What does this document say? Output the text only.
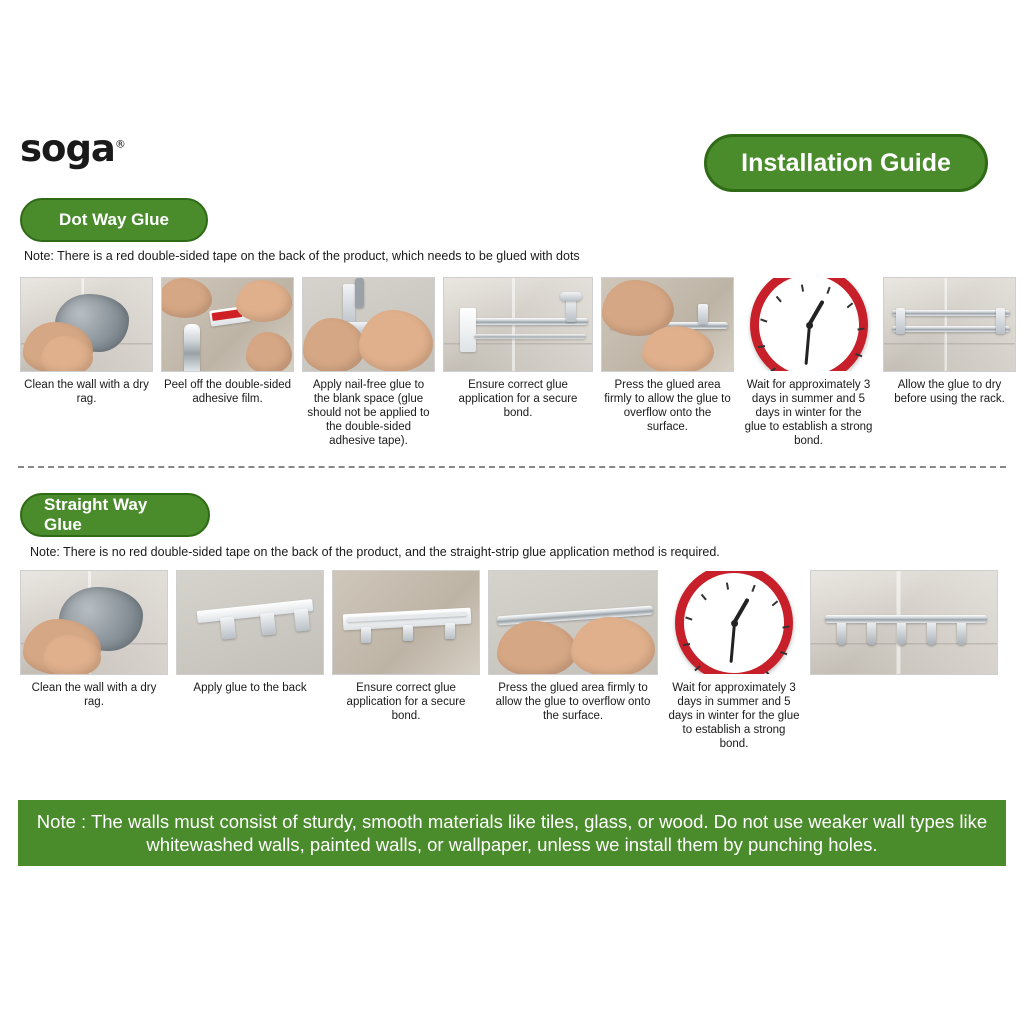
soga®
Installation Guide
Dot Way Glue
Note: There is a red double-sided tape on the back of the product, which needs to be glued with dots
Clean the wall with a dry rag.
Peel off the double-sided adhesive film.
Apply nail-free glue to the blank space (glue should not be applied to the double-sided adhesive tape).
Ensure correct glue application for a secure bond.
Press the glued area firmly to allow the glue to overflow onto the surface.
Wait for approximately 3 days in summer and 5 days in winter for the glue to establish a strong bond.
Allow the glue to dry before using the rack.
Straight Way Glue
Note: There is no red double-sided tape on the back of the product, and the straight-strip glue application method is required.
Clean the wall with a dry rag.
Apply glue to the back	Ensure correct glue application for a secure bond.
Press the glued area firmly to allow the glue to overflow onto the surface.
Wait for approximately 3 days in summer and 5 days in winter for the glue to establish a strong bond.

Note : The walls must consist of sturdy, smooth materials like tiles, glass, or wood. Do not use weaker wall types like whitewashed walls, painted walls, or wallpaper, unless we install them by punching holes.
